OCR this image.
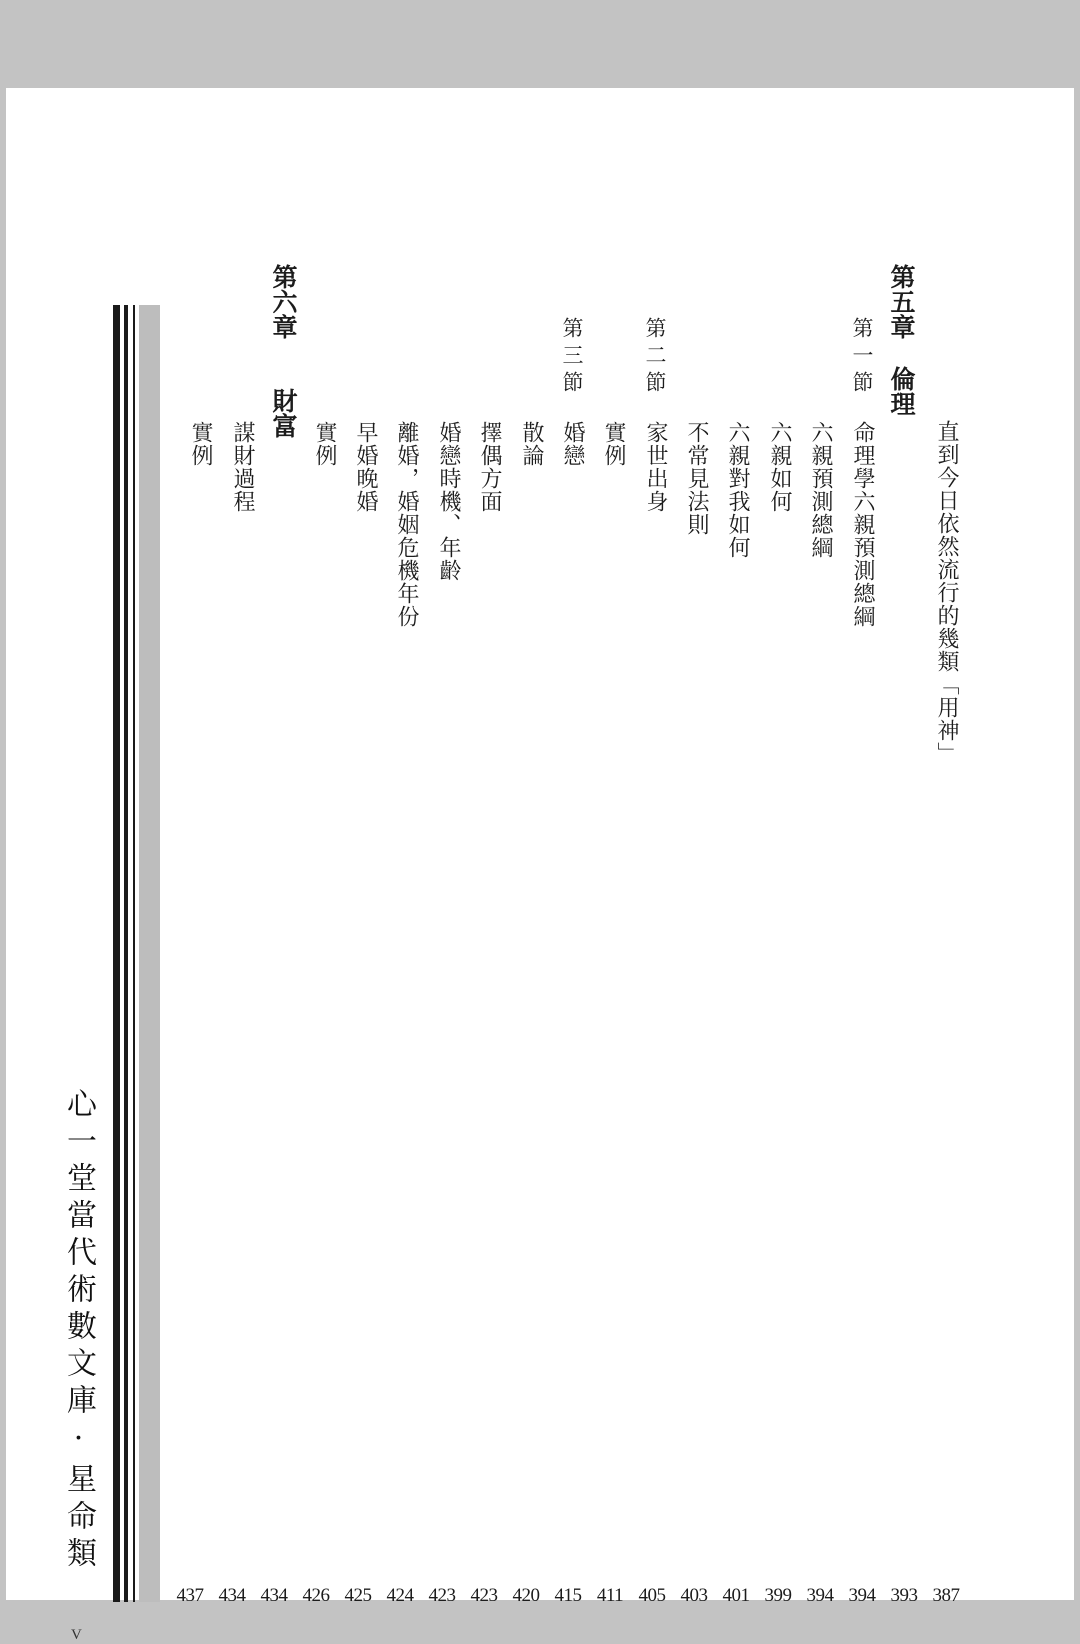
直到今日依然流行的幾類「用神」
第五章
倫理
第一節
命理學六親預測總綱
六親預測總綱
六親如何
六親對我如何
不常見法則
第二節
家世出身
實例
第三節
婚戀
散論
擇偶方面
婚戀時機、年齡
離婚，婚姻危機年份
早婚晚婚
實例
第六章
財富
謀財過程
實例
心一堂當代術數文庫·星命類
387
393
394
394
399
401
403
405
411
415
420
423
423
424
425
426
434
434
437
V
